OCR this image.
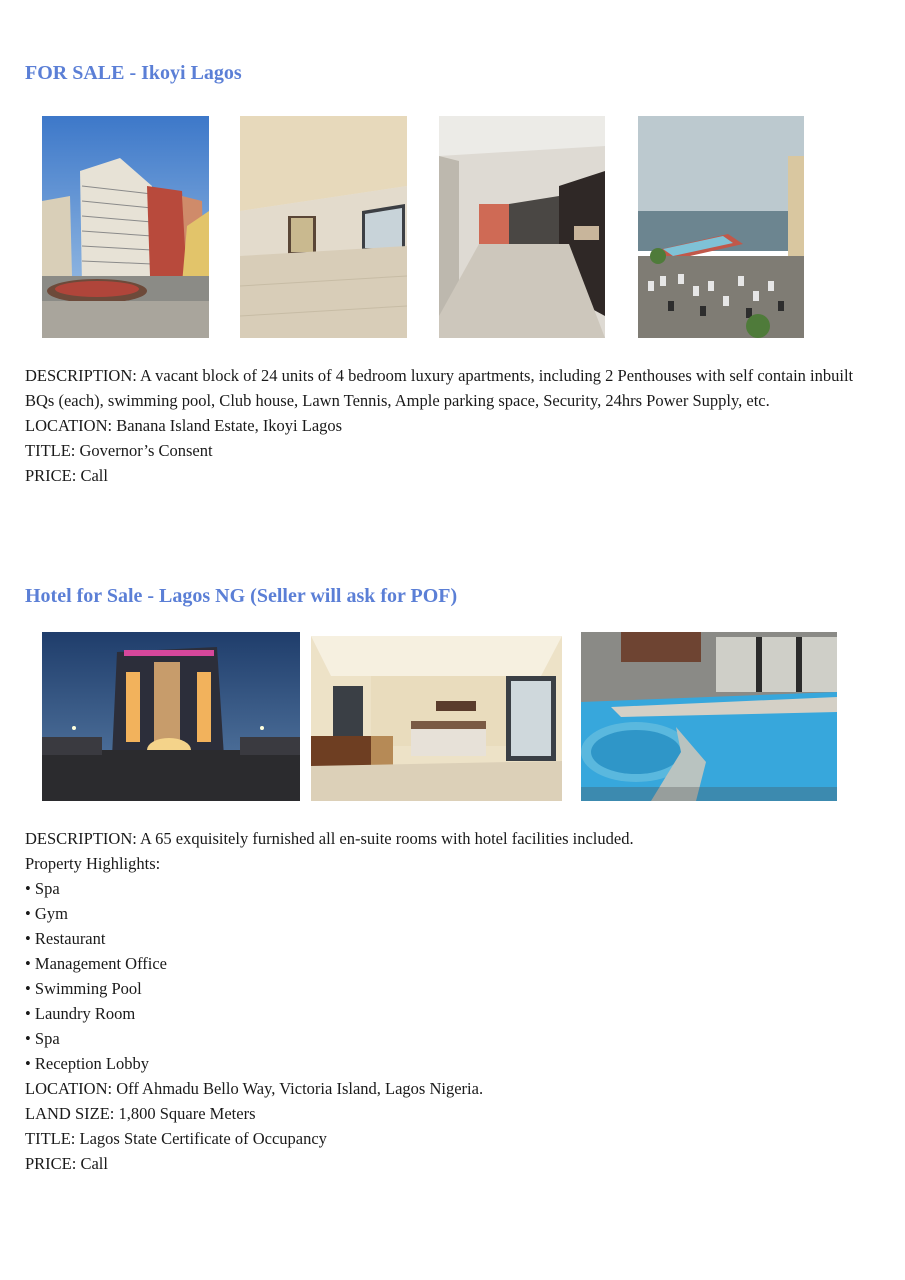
FOR SALE - Ikoyi Lagos

DESCRIPTION: A vacant block of 24 units of 4 bedroom luxury apartments, including 2 Penthouses with self contain inbuilt BQs (each), swimming pool, Club house, Lawn Tennis, Ample parking space, Security, 24hrs Power Supply, etc.

LOCATION: Banana Island Estate, Ikoyi Lagos

TITLE: Governor’s Consent

PRICE: Call

Hotel for Sale - Lagos NG (Seller will ask for POF)

DESCRIPTION: A 65 exquisitely furnished all en-suite rooms with hotel facilities included.

Property Highlights:

• Spa
• Gym
• Restaurant
• Management Office
• Swimming Pool
• Laundry Room
• Spa
• Reception Lobby

LOCATION: Off Ahmadu Bello Way, Victoria Island, Lagos Nigeria.

LAND SIZE: 1,800 Square Meters

TITLE: Lagos State Certificate of Occupancy

PRICE: Call
